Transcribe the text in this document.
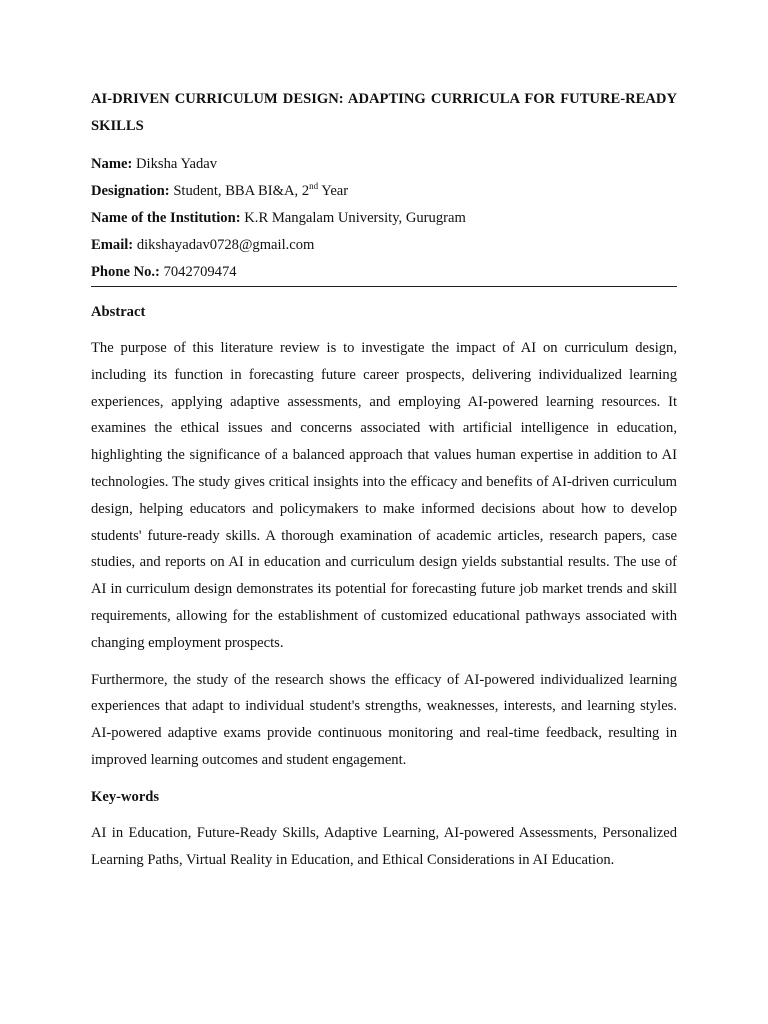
AI-DRIVEN CURRICULUM DESIGN: ADAPTING CURRICULA FOR FUTURE-READY SKILLS

Name: Diksha Yadav

Designation: Student, BBA BI&A, 2nd Year

Name of the Institution: K.R Mangalam University, Gurugram

Email: dikshayadav0728@gmail.com

Phone No.: 7042709474

Abstract

The purpose of this literature review is to investigate the impact of AI on curriculum design, including its function in forecasting future career prospects, delivering individualized learning experiences, applying adaptive assessments, and employing AI-powered learning resources. It examines the ethical issues and concerns associated with artificial intelligence in education, highlighting the significance of a balanced approach that values human expertise in addition to AI technologies. The study gives critical insights into the efficacy and benefits of AI-driven curriculum design, helping educators and policymakers to make informed decisions about how to develop students' future-ready skills. A thorough examination of academic articles, research papers, case studies, and reports on AI in education and curriculum design yields substantial results. The use of AI in curriculum design demonstrates its potential for forecasting future job market trends and skill requirements, allowing for the establishment of customized educational pathways associated with changing employment prospects.

Furthermore, the study of the research shows the efficacy of AI-powered individualized learning experiences that adapt to individual student's strengths, weaknesses, interests, and learning styles. AI-powered adaptive exams provide continuous monitoring and real-time feedback, resulting in improved learning outcomes and student engagement.

Key-words

AI in Education, Future-Ready Skills, Adaptive Learning, AI-powered Assessments, Personalized Learning Paths, Virtual Reality in Education, and Ethical Considerations in AI Education.
